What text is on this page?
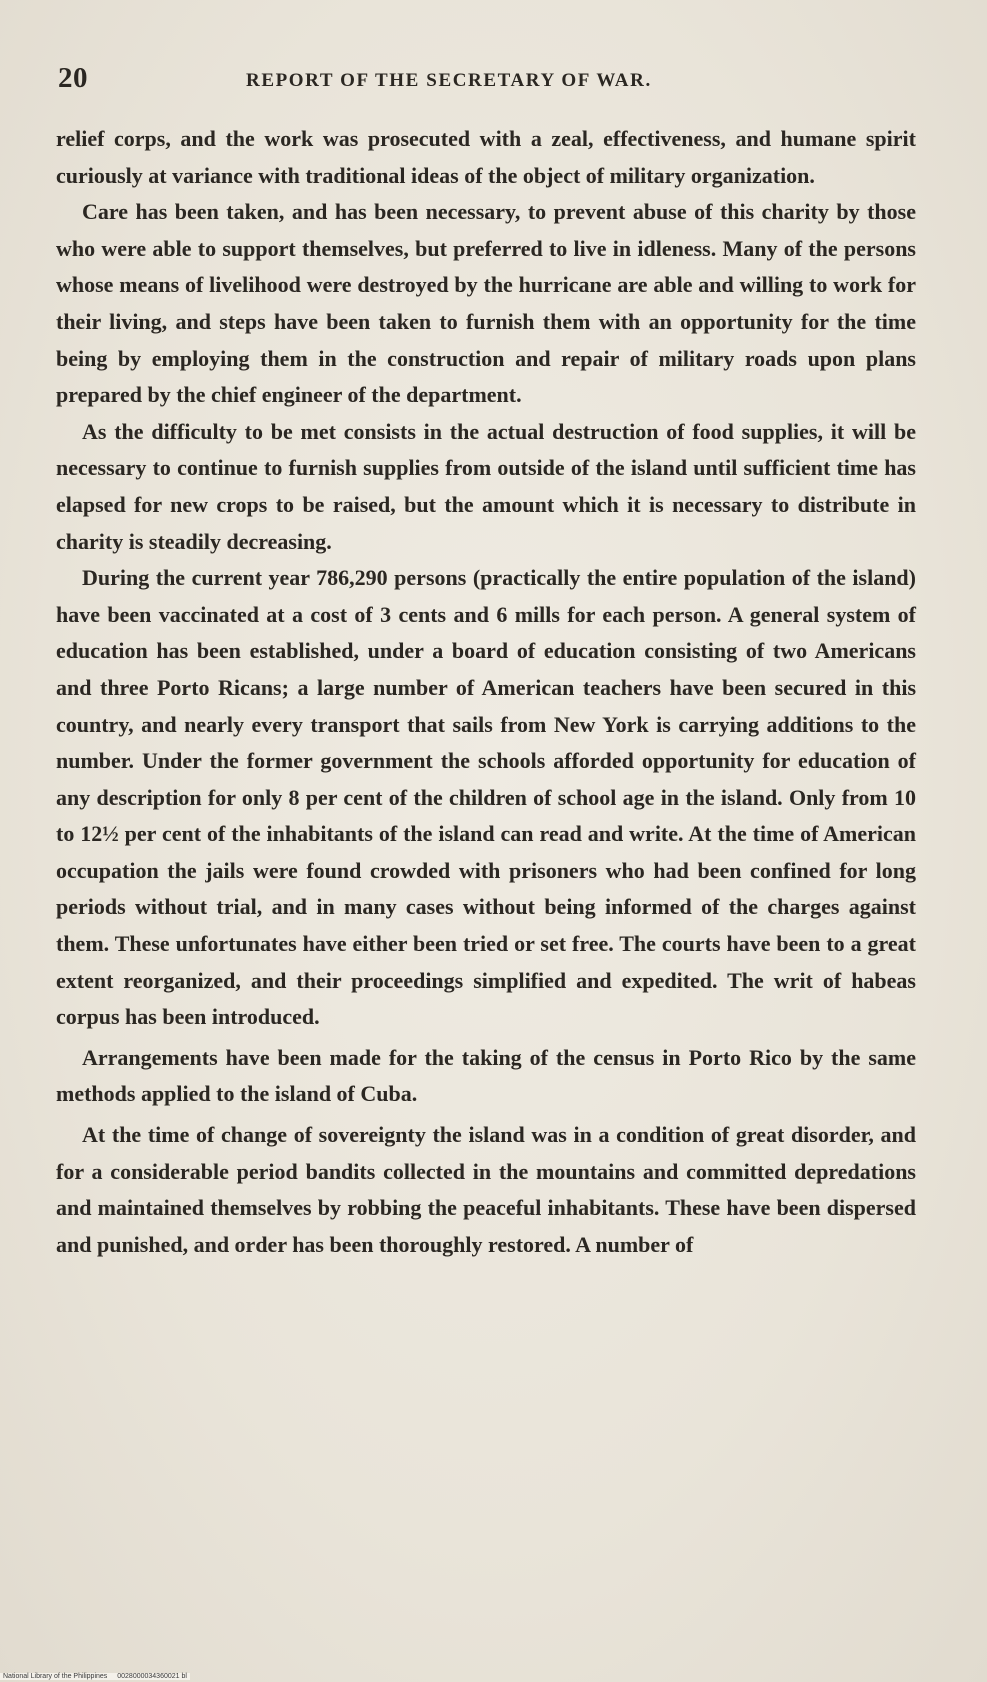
20	REPORT OF THE SECRETARY OF WAR.

relief corps, and the work was prosecuted with a zeal, effectiveness, and humane spirit curiously at variance with traditional ideas of the object of military organization.

Care has been taken, and has been necessary, to prevent abuse of this charity by those who were able to support themselves, but preferred to live in idleness. Many of the persons whose means of livelihood were destroyed by the hurricane are able and willing to work for their living, and steps have been taken to furnish them with an opportunity for the time being by employing them in the construction and repair of military roads upon plans prepared by the chief engineer of the department.

As the difficulty to be met consists in the actual destruction of food supplies, it will be necessary to continue to furnish supplies from outside of the island until sufficient time has elapsed for new crops to be raised, but the amount which it is necessary to distribute in charity is steadily decreasing.

During the current year 786,290 persons (practically the entire population of the island) have been vaccinated at a cost of 3 cents and 6 mills for each person. A general system of education has been established, under a board of education consisting of two Americans and three Porto Ricans; a large number of American teachers have been secured in this country, and nearly every transport that sails from New York is carrying additions to the number. Under the former government the schools afforded opportunity for education of any description for only 8 per cent of the children of school age in the island. Only from 10 to 12½ per cent of the inhabitants of the island can read and write. At the time of American occupation the jails were found crowded with prisoners who had been confined for long periods without trial, and in many cases without being informed of the charges against them. These unfortunates have either been tried or set free. The courts have been to a great extent reorganized, and their proceedings simplified and expedited. The writ of habeas corpus has been introduced.

Arrangements have been made for the taking of the census in Porto Rico by the same methods applied to the island of Cuba.

At the time of change of sovereignty the island was in a condition of great disorder, and for a considerable period bandits collected in the mountains and committed depredations and maintained themselves by robbing the peaceful inhabitants. These have been dispersed and punished, and order has been thoroughly restored. A number of

National Library of the Philippines 0028000034360021 bl
